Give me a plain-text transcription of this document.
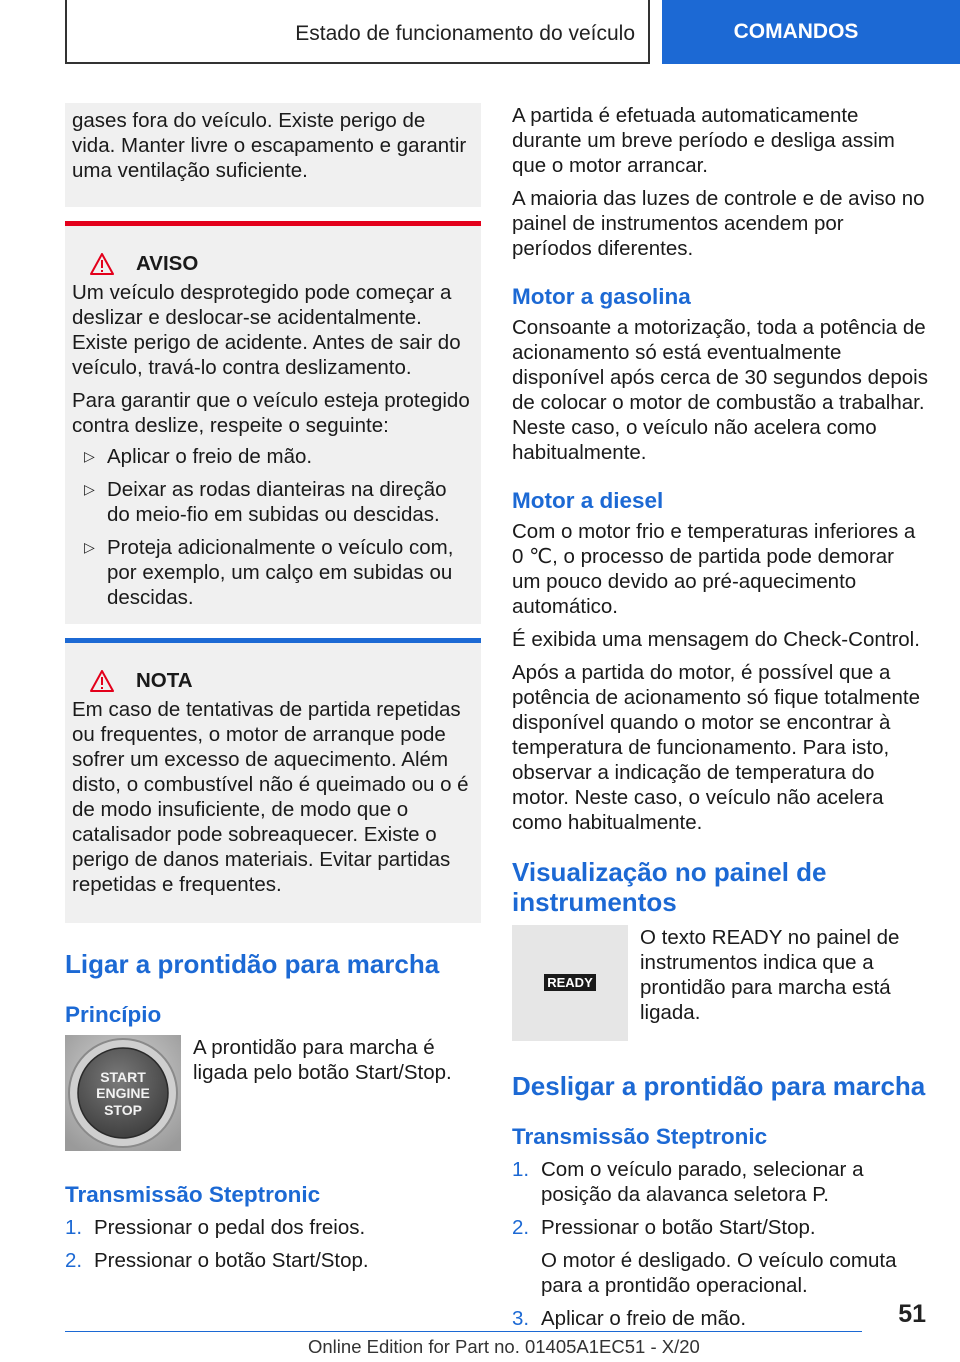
Estado de funcionamento do veículo	COMANDOS

gases fora do veículo. Existe perigo de vida. Manter livre o escapamento e garantir uma ventilação suficiente.

AVISO

Um veículo desprotegido pode começar a deslizar e deslocar-se acidentalmente. Existe perigo de acidente. Antes de sair do veículo, travá-lo contra deslizamento.

Para garantir que o veículo esteja protegido contra deslize, respeite o seguinte:

▷ Aplicar o freio de mão.
▷ Deixar as rodas dianteiras na direção do meio-fio em subidas ou descidas.
▷ Proteja adicionalmente o veículo com, por exemplo, um calço em subidas ou descidas.
NOTA

Em caso de tentativas de partida repetidas ou frequentes, o motor de arranque pode sofrer um excesso de aquecimento. Além disto, o combustível não é queimado ou o é de modo insuficiente, de modo que o catalisador pode sobreaquecer. Existe o perigo de danos materiais. Evitar partidas repetidas e frequentes.

Ligar a prontidão para marcha
Princípio
START
ENGINE
STOP

A prontidão para marcha é ligada pelo botão Start/Stop.

Transmissão Steptronic
1. Pressionar o pedal dos freios.
2. Pressionar o botão Start/Stop.

A partida é efetuada automaticamente durante um breve período e desliga assim que o motor arrancar.

A maioria das luzes de controle e de aviso no painel de instrumentos acendem por períodos diferentes.

Motor a gasolina

Consoante a motorização, toda a potência de acionamento só está eventualmente disponível após cerca de 30 segundos depois de colocar o motor de combustão a trabalhar. Neste caso, o veículo não acelera como habitualmente.

Motor a diesel

Com o motor frio e temperaturas inferiores a 0 ℃, o processo de partida pode demorar um pouco devido ao pré-aquecimento automático.

É exibida uma mensagem do Check-Control.

Após a partida do motor, é possível que a potência de acionamento só fique totalmente disponível quando o motor se encontrar à temperatura de funcionamento. Para isto, observar a indicação de temperatura do motor. Neste caso, o veículo não acelera como habitualmente.

Visualização no painel de instrumentos
READY

O texto READY no painel de instrumentos indica que a prontidão para marcha está ligada.

Desligar a prontidão para marcha
Transmissão Steptronic
1. Com o veículo parado, selecionar a posição da alavanca seletora P.
2. Pressionar o botão Start/Stop.
O motor é desligado. O veículo comuta para a prontidão operacional.
3. Aplicar o freio de mão.	51
Online Edition for Part no. 01405A1EC51 - X/20
